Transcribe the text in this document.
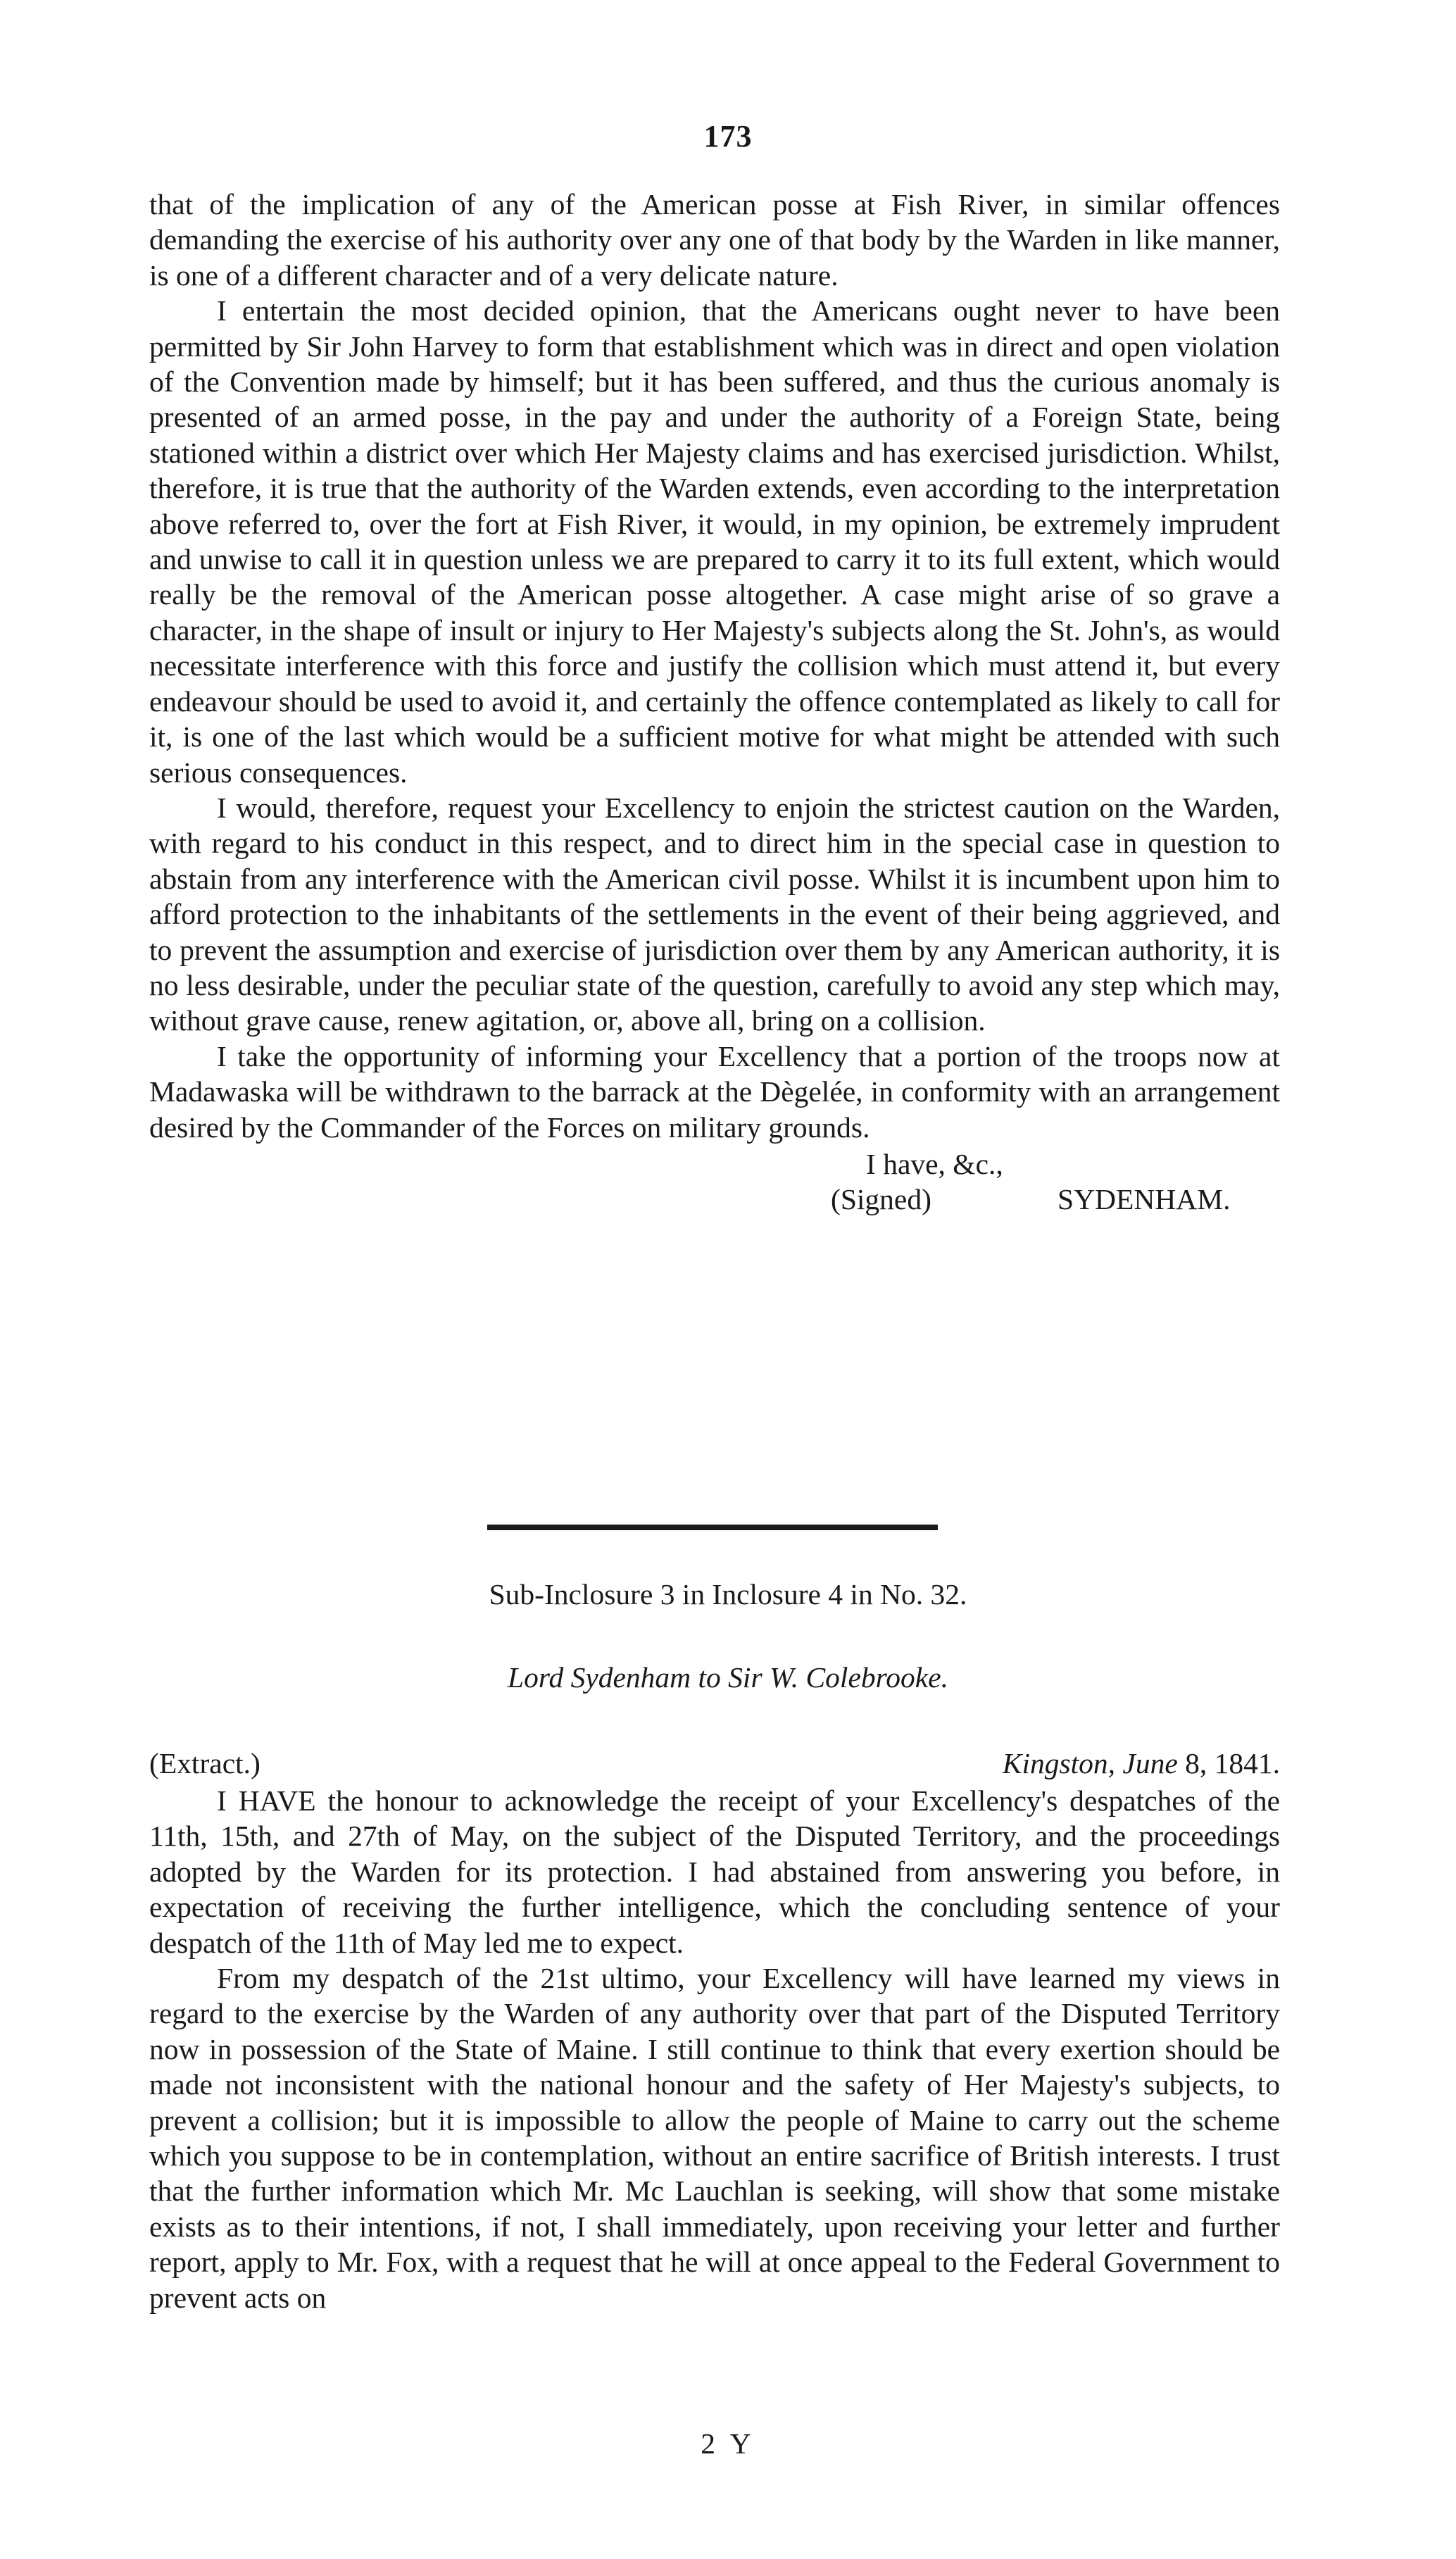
173

that of the implication of any of the American posse at Fish River, in similar offences demanding the exercise of his authority over any one of that body by the Warden in like manner, is one of a different character and of a very delicate nature.

I entertain the most decided opinion, that the Americans ought never to have been permitted by Sir John Harvey to form that establishment which was in direct and open violation of the Convention made by himself; but it has been suffered, and thus the curious anomaly is presented of an armed posse, in the pay and under the authority of a Foreign State, being stationed within a district over which Her Majesty claims and has exercised jurisdiction. Whilst, therefore, it is true that the authority of the Warden extends, even according to the interpretation above referred to, over the fort at Fish River, it would, in my opinion, be extremely imprudent and unwise to call it in question unless we are prepared to carry it to its full extent, which would really be the removal of the American posse altogether. A case might arise of so grave a character, in the shape of insult or injury to Her Majesty's subjects along the St. John's, as would necessitate interference with this force and justify the collision which must attend it, but every endeavour should be used to avoid it, and certainly the offence contemplated as likely to call for it, is one of the last which would be a sufficient motive for what might be attended with such serious consequences.

I would, therefore, request your Excellency to enjoin the strictest caution on the Warden, with regard to his conduct in this respect, and to direct him in the special case in question to abstain from any interference with the American civil posse. Whilst it is incumbent upon him to afford protection to the inhabitants of the settlements in the event of their being aggrieved, and to prevent the assumption and exercise of jurisdiction over them by any American authority, it is no less desirable, under the peculiar state of the question, carefully to avoid any step which may, without grave cause, renew agitation, or, above all, bring on a collision.

I take the opportunity of informing your Excellency that a portion of the troops now at Madawaska will be withdrawn to the barrack at the Dègelée, in conformity with an arrangement desired by the Commander of the Forces on military grounds.

I have, &c.,
(Signed)	SYDENHAM.
Sub-Inclosure 3 in Inclosure 4 in No. 32.
Lord Sydenham to Sir W. Colebrooke.
(Extract.)	Kingston, June 8, 1841.

I HAVE the honour to acknowledge the receipt of your Excellency's despatches of the 11th, 15th, and 27th of May, on the subject of the Disputed Territory, and the proceedings adopted by the Warden for its protection. I had abstained from answering you before, in expectation of receiving the further intelligence, which the concluding sentence of your despatch of the 11th of May led me to expect.

From my despatch of the 21st ultimo, your Excellency will have learned my views in regard to the exercise by the Warden of any authority over that part of the Disputed Territory now in possession of the State of Maine. I still continue to think that every exertion should be made not inconsistent with the national honour and the safety of Her Majesty's subjects, to prevent a collision; but it is impossible to allow the people of Maine to carry out the scheme which you suppose to be in contemplation, without an entire sacrifice of British interests. I trust that the further information which Mr. Mc Lauchlan is seeking, will show that some mistake exists as to their intentions, if not, I shall immediately, upon receiving your letter and further report, apply to Mr. Fox, with a request that he will at once appeal to the Federal Government to prevent acts on

2 Y
